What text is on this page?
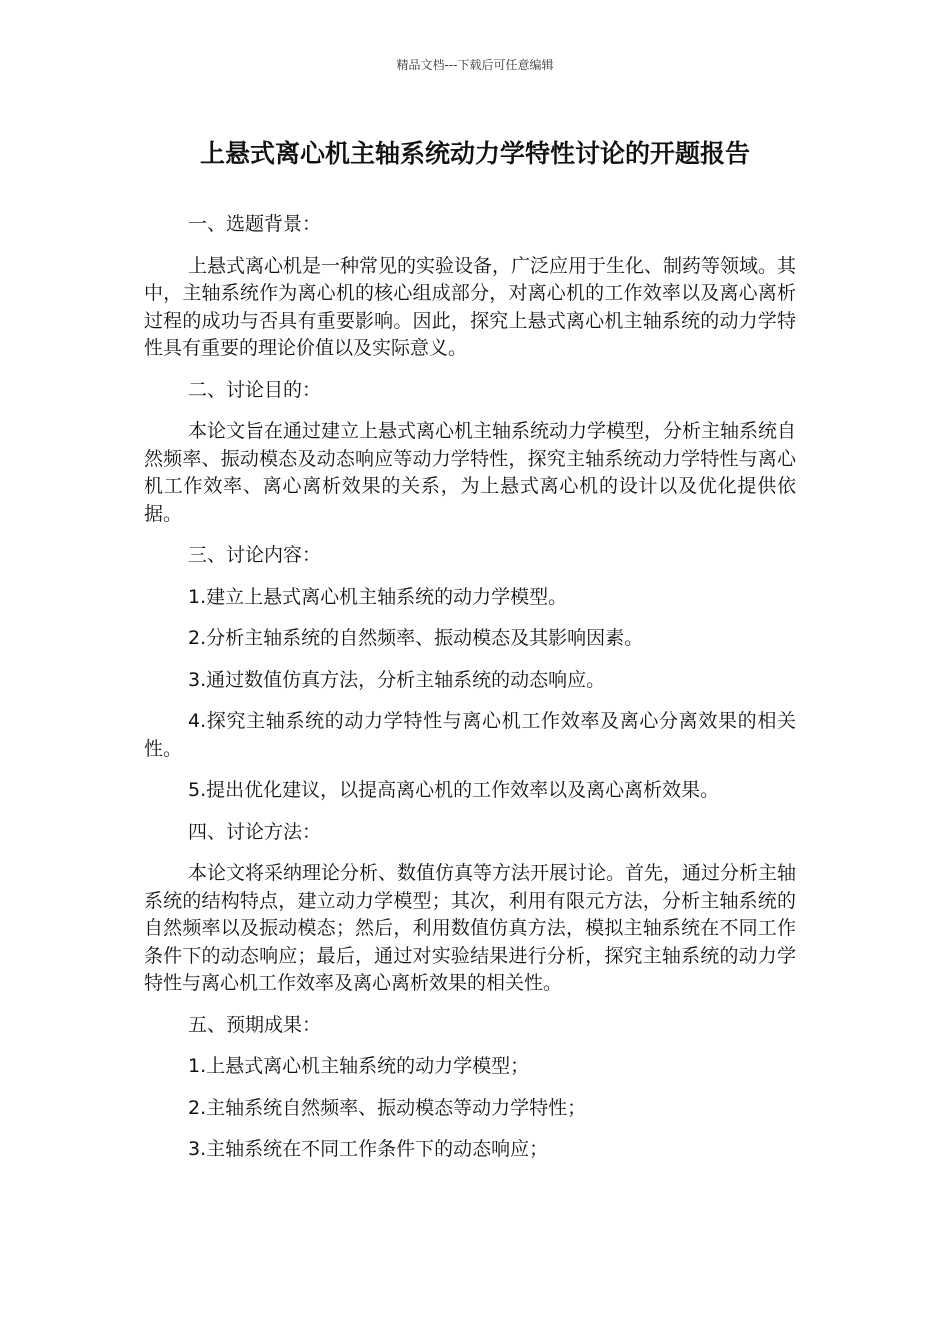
精品文档---下载后可任意编辑
上悬式离心机主轴系统动力学特性讨论的开题报告

一、选题背景：

上悬式离心机是一种常见的实验设备，广泛应用于生化、制药等领域。其中，主轴系统作为离心机的核心组成部分，对离心机的工作效率以及离心离析过程的成功与否具有重要影响。因此，探究上悬式离心机主轴系统的动力学特性具有重要的理论价值以及实际意义。

二、讨论目的：

本论文旨在通过建立上悬式离心机主轴系统动力学模型，分析主轴系统自然频率、振动模态及动态响应等动力学特性，探究主轴系统动力学特性与离心机工作效率、离心离析效果的关系，为上悬式离心机的设计以及优化提供依据。

三、讨论内容：

1.建立上悬式离心机主轴系统的动力学模型。

2.分析主轴系统的自然频率、振动模态及其影响因素。

3.通过数值仿真方法，分析主轴系统的动态响应。

4.探究主轴系统的动力学特性与离心机工作效率及离心分离效果的相关性。

5.提出优化建议，以提高离心机的工作效率以及离心离析效果。

四、讨论方法：

本论文将采纳理论分析、数值仿真等方法开展讨论。首先，通过分析主轴系统的结构特点，建立动力学模型；其次，利用有限元方法，分析主轴系统的自然频率以及振动模态；然后，利用数值仿真方法，模拟主轴系统在不同工作条件下的动态响应；最后，通过对实验结果进行分析，探究主轴系统的动力学特性与离心机工作效率及离心离析效果的相关性。

五、预期成果：

1.上悬式离心机主轴系统的动力学模型；

2.主轴系统自然频率、振动模态等动力学特性；

3.主轴系统在不同工作条件下的动态响应；
